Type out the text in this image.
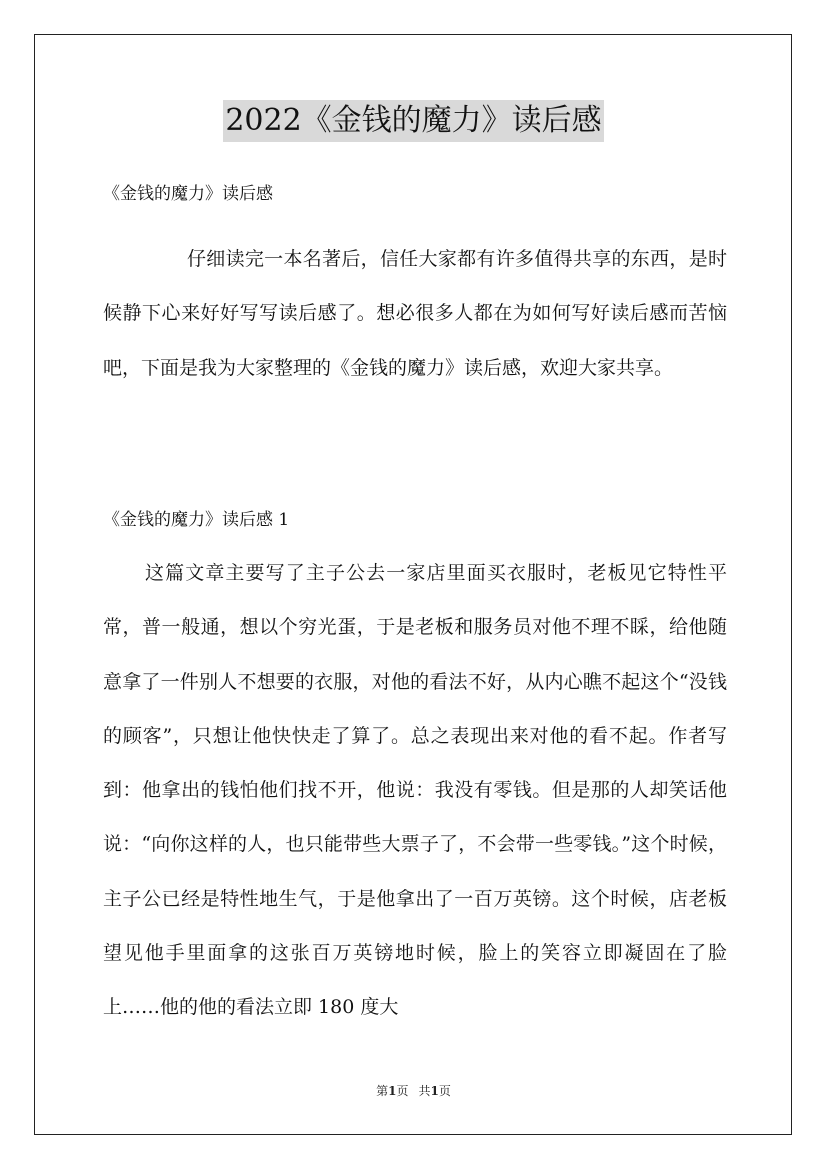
2022《金钱的魔力》读后感
《金钱的魔力》读后感

仔细读完一本名著后，信任大家都有许多值得共享的东西，是时候静下心来好好写写读后感了。想必很多人都在为如何写好读后感而苦恼吧，下面是我为大家整理的《金钱的魔力》读后感，欢迎大家共享。

《金钱的魔力》读后感 1

这篇文章主要写了主子公去一家店里面买衣服时，老板见它特性平常，普一般通，想以个穷光蛋，于是老板和服务员对他不理不睬，给他随意拿了一件别人不想要的衣服，对他的看法不好，从内心瞧不起这个“没钱的顾客”，只想让他快快走了算了。总之表现出来对他的看不起。作者写到：他拿出的钱怕他们找不开，他说：我没有零钱。但是那的人却笑话他说：“向你这样的人，也只能带些大票子了，不会带一些零钱。”这个时候，主子公已经是特性地生气，于是他拿出了一百万英镑。这个时候，店老板望见他手里面拿的这张百万英镑地时候，脸上的笑容立即凝固在了脸上……他的他的看法立即 180 度大

第1页 共1页
